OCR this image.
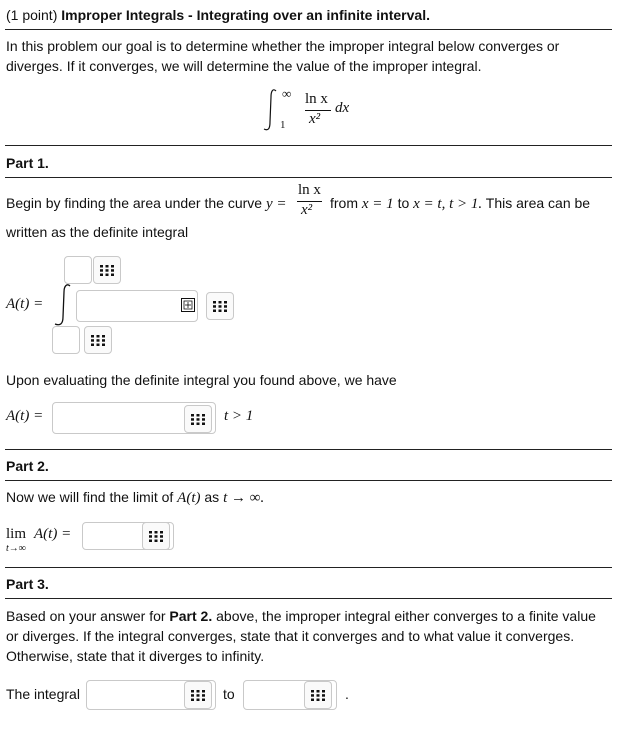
(1 point) Improper Integrals - Integrating over an infinite interval.
In this problem our goal is to determine whether the improper integral below converges or
diverges. If it converges, we will determine the value of the improper integral.
∞
1
ln x
x²
dx
Part 1.
Begin by finding the area under the curve y =
ln x
x² from x = 1 to x = t, t > 1. This area can be
written as the definite integral
A(t) =
Upon evaluating the definite integral you found above, we have
A(t) =	t > 1
Part 2.
Now we will find the limit of A(t) as t → ∞.
lim
t→∞
A(t) =
Part 3.
Based on your answer for Part 2. above, the improper integral either converges to a finite value
or diverges. If the integral converges, state that it converges and to what value it converges.
Otherwise, state that it diverges to infinity.
The integral	to	.
